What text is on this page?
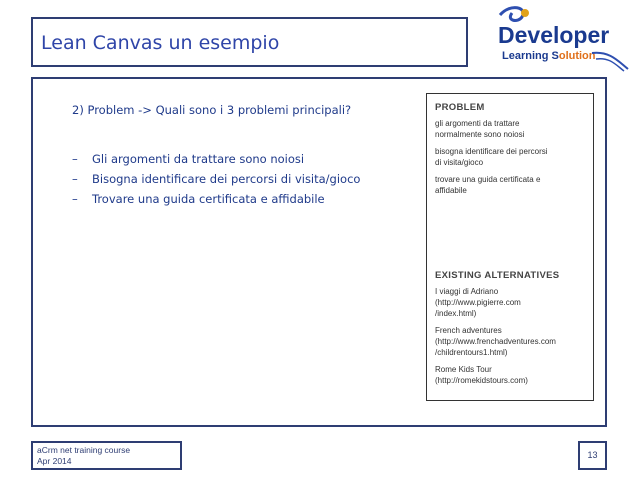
Lean Canvas un esempio	Developer
Learning Solution

2) Problem -> Quali sono i 3 problemi principali?

–	Gli argomenti da trattare sono noiosi
–	Bisogna identificare dei percorsi di visita/gioco
–	Trovare una guida certificata e affidabile
PROBLEM
gli argomenti da trattare
normalmente sono noiosi
bisogna identificare dei percorsi
di visita/gioco
trovare una guida certificata e
affidabile
EXISTING ALTERNATIVES
I viaggi di Adriano
(http://www.pigierre.com
/index.html)
French adventures
(http://www.frenchadventures.com
/childrentours1.html)
Rome Kids Tour
(http://romekidstours.com)
aCrm net training course
Apr 2014
13
